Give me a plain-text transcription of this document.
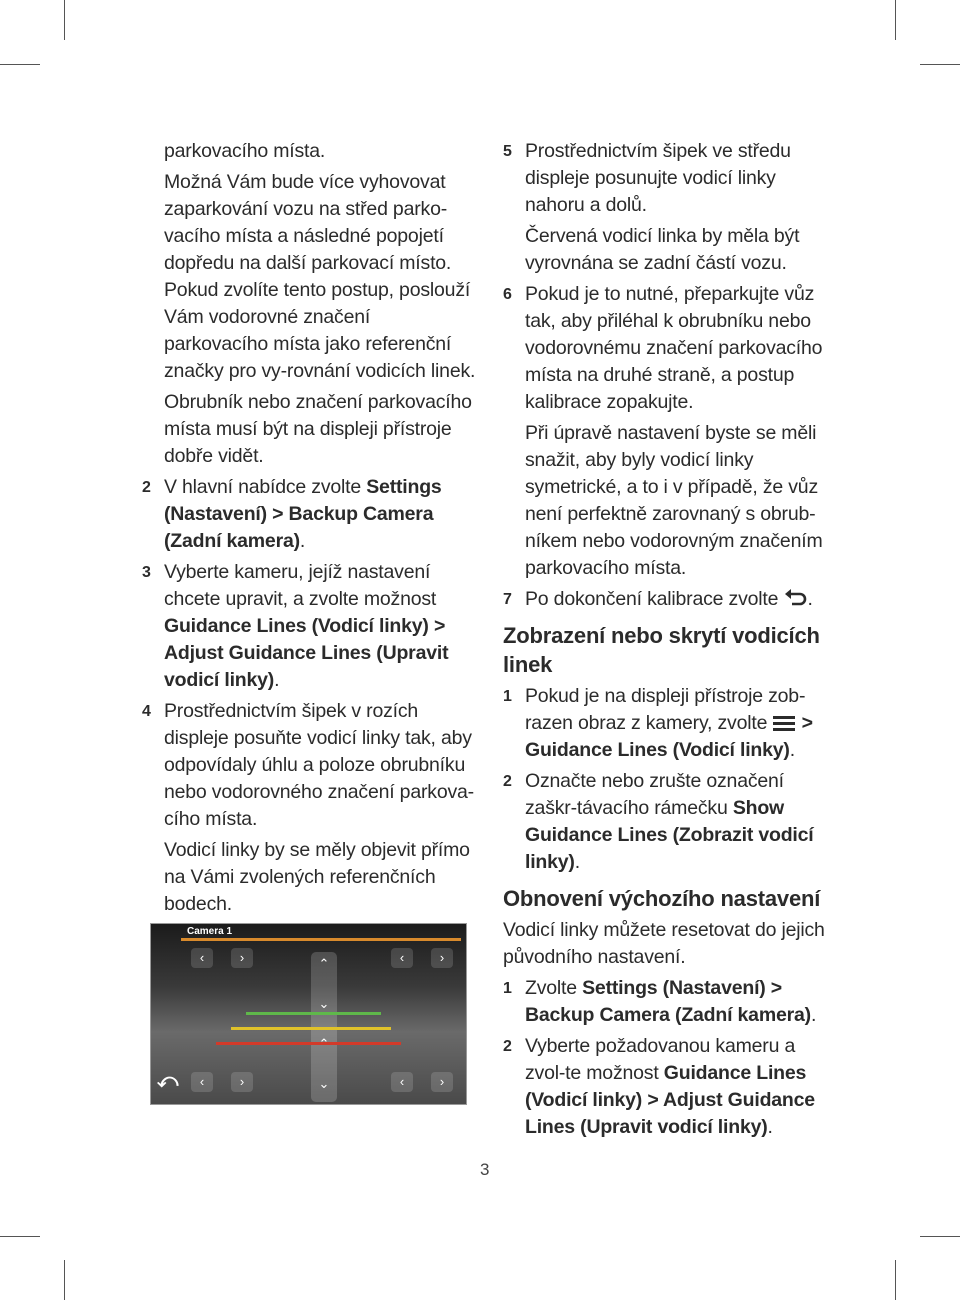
parkovacího místa.

Možná Vám bude více vyhovovat zaparkování vozu na střed parko-vacího místa a následné popojetí dopředu na další parkovací místo. Pokud zvolíte tento postup, poslouží Vám vodorovné značení parkovacího místa jako referenční značky pro vy-rovnání vodicích linek.

Obrubník nebo značení parkovacího místa musí být na displeji přístroje dobře vidět.

2 V hlavní nabídce zvolte Settings (Nastavení) > Backup Camera (Zadní kamera).
3 Vyberte kameru, jejíž nastavení chcete upravit, a zvolte možnost Guidance Lines (Vodicí linky) > Adjust Guidance Lines (Upravit vodicí linky).
4 Prostřednictvím šipek v rozích displeje posuňte vodicí linky tak, aby odpovídaly úhlu a poloze obrubníku nebo vodorovného značení parkova-cího místa.

Vodicí linky by se měly objevit přímo na Vámi zvolených referenčních bodech.

Camera 1
‹	›	‹	›
‹	›	‹	›
⌃
⌄
⌄
⤺
5 Prostřednictvím šipek ve středu displeje posunujte vodicí linky nahoru a dolů.

Červená vodicí linka by měla být vyrovnána se zadní částí vozu.

6 Pokud je to nutné, přeparkujte vůz tak, aby přiléhal k obrubníku nebo vodorovnému značení parkovacího místa na druhé straně, a postup kalibrace zopakujte.

Při úpravě nastavení byste se měli snažit, aby byly vodicí linky symetrické, a to i v případě, že vůz není perfektně zarovnaný s obrub-níkem nebo vodorovným značením parkovacího místa.

7 Po dokončení kalibrace zvolte .
Zobrazení nebo skrytí vodicích linek
1 Pokud je na displeji přístroje zob-razen obraz z kamery, zvolte  > Guidance Lines (Vodicí linky).
2 Označte nebo zrušte označení zaškr-távacího rámečku Show Guidance Lines (Zobrazit vodicí linky).
Obnovení výchozího nastavení

Vodicí linky můžete resetovat do jejich původního nastavení.

1 Zvolte Settings (Nastavení) > Backup Camera (Zadní kamera).
2 Vyberte požadovanou kameru a zvol-te možnost Guidance Lines (Vodicí linky) > Adjust Guidance Lines (Upravit vodicí linky).
3
